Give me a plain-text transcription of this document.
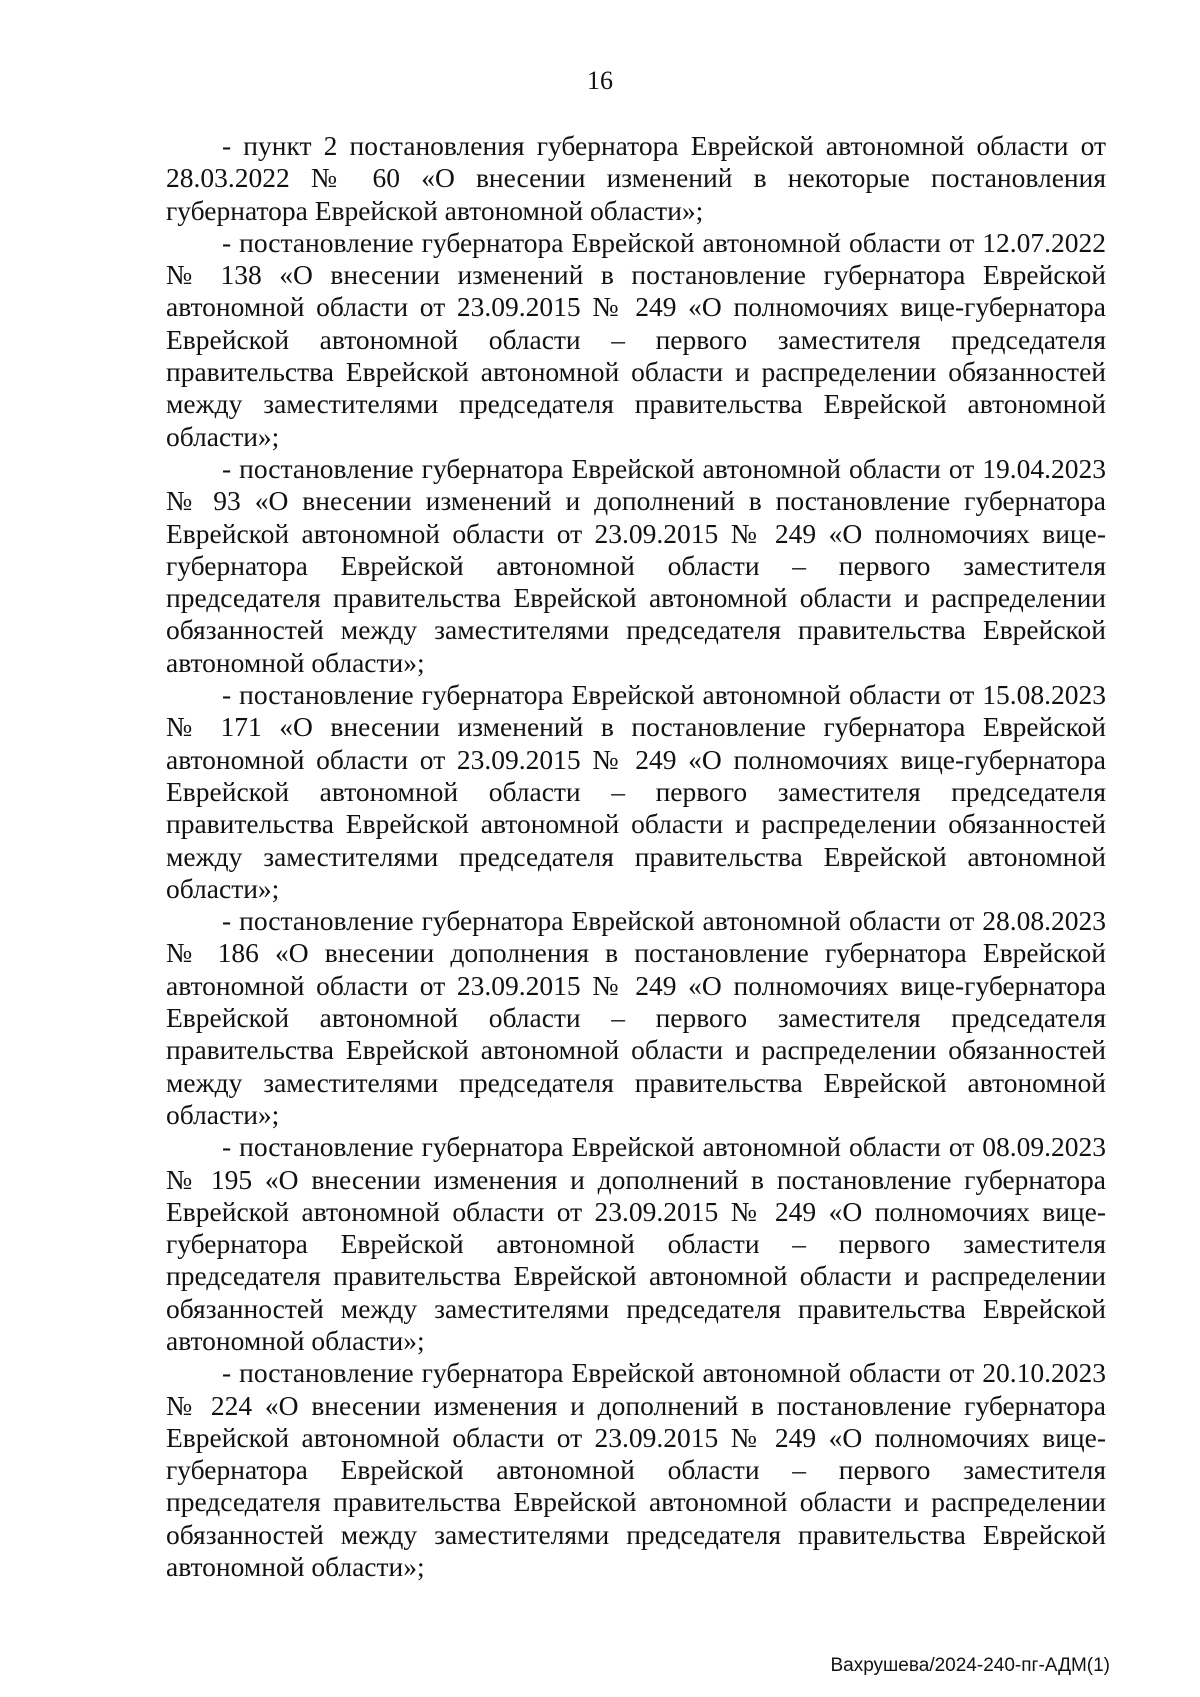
16

- пункт 2 постановления губернатора Еврейской автономной области от 28.03.2022 № 60 «О внесении изменений в некоторые постановления губернатора Еврейской автономной области»;

- постановление губернатора Еврейской автономной области от 12.07.2022 № 138 «О внесении изменений в постановление губернатора Еврейской автономной области от 23.09.2015 № 249 «О полномочиях вице-губернатора Еврейской автономной области – первого заместителя председателя правительства Еврейской автономной области и распределении обязанностей между заместителями председателя правительства Еврейской автономной области»;

- постановление губернатора Еврейской автономной области от 19.04.2023 № 93 «О внесении изменений и дополнений в постановление губернатора Еврейской автономной области от 23.09.2015 № 249 «О полномочиях вице-губернатора Еврейской автономной области – первого заместителя председателя правительства Еврейской автономной области и распределении обязанностей между заместителями председателя правительства Еврейской автономной области»;

- постановление губернатора Еврейской автономной области от 15.08.2023 № 171 «О внесении изменений в постановление губернатора Еврейской автономной области от 23.09.2015 № 249 «О полномочиях вице-губернатора Еврейской автономной области – первого заместителя председателя правительства Еврейской автономной области и распределении обязанностей между заместителями председателя правительства Еврейской автономной области»;

- постановление губернатора Еврейской автономной области от 28.08.2023 № 186 «О внесении дополнения в постановление губернатора Еврейской автономной области от 23.09.2015 № 249 «О полномочиях вице-губернатора Еврейской автономной области – первого заместителя председателя правительства Еврейской автономной области и распределении обязанностей между заместителями председателя правительства Еврейской автономной области»;

- постановление губернатора Еврейской автономной области от 08.09.2023 № 195 «О внесении изменения и дополнений в постановление губернатора Еврейской автономной области от 23.09.2015 № 249 «О полномочиях вице-губернатора Еврейской автономной области – первого заместителя председателя правительства Еврейской автономной области и распределении обязанностей между заместителями председателя правительства Еврейской автономной области»;

- постановление губернатора Еврейской автономной области от 20.10.2023 № 224 «О внесении изменения и дополнений в постановление губернатора Еврейской автономной области от 23.09.2015 № 249 «О полномочиях вице-губернатора Еврейской автономной области – первого заместителя председателя правительства Еврейской автономной области и распределении обязанностей между заместителями председателя правительства Еврейской автономной области»;

Вахрушева/2024-240-пг-АДМ(1)
